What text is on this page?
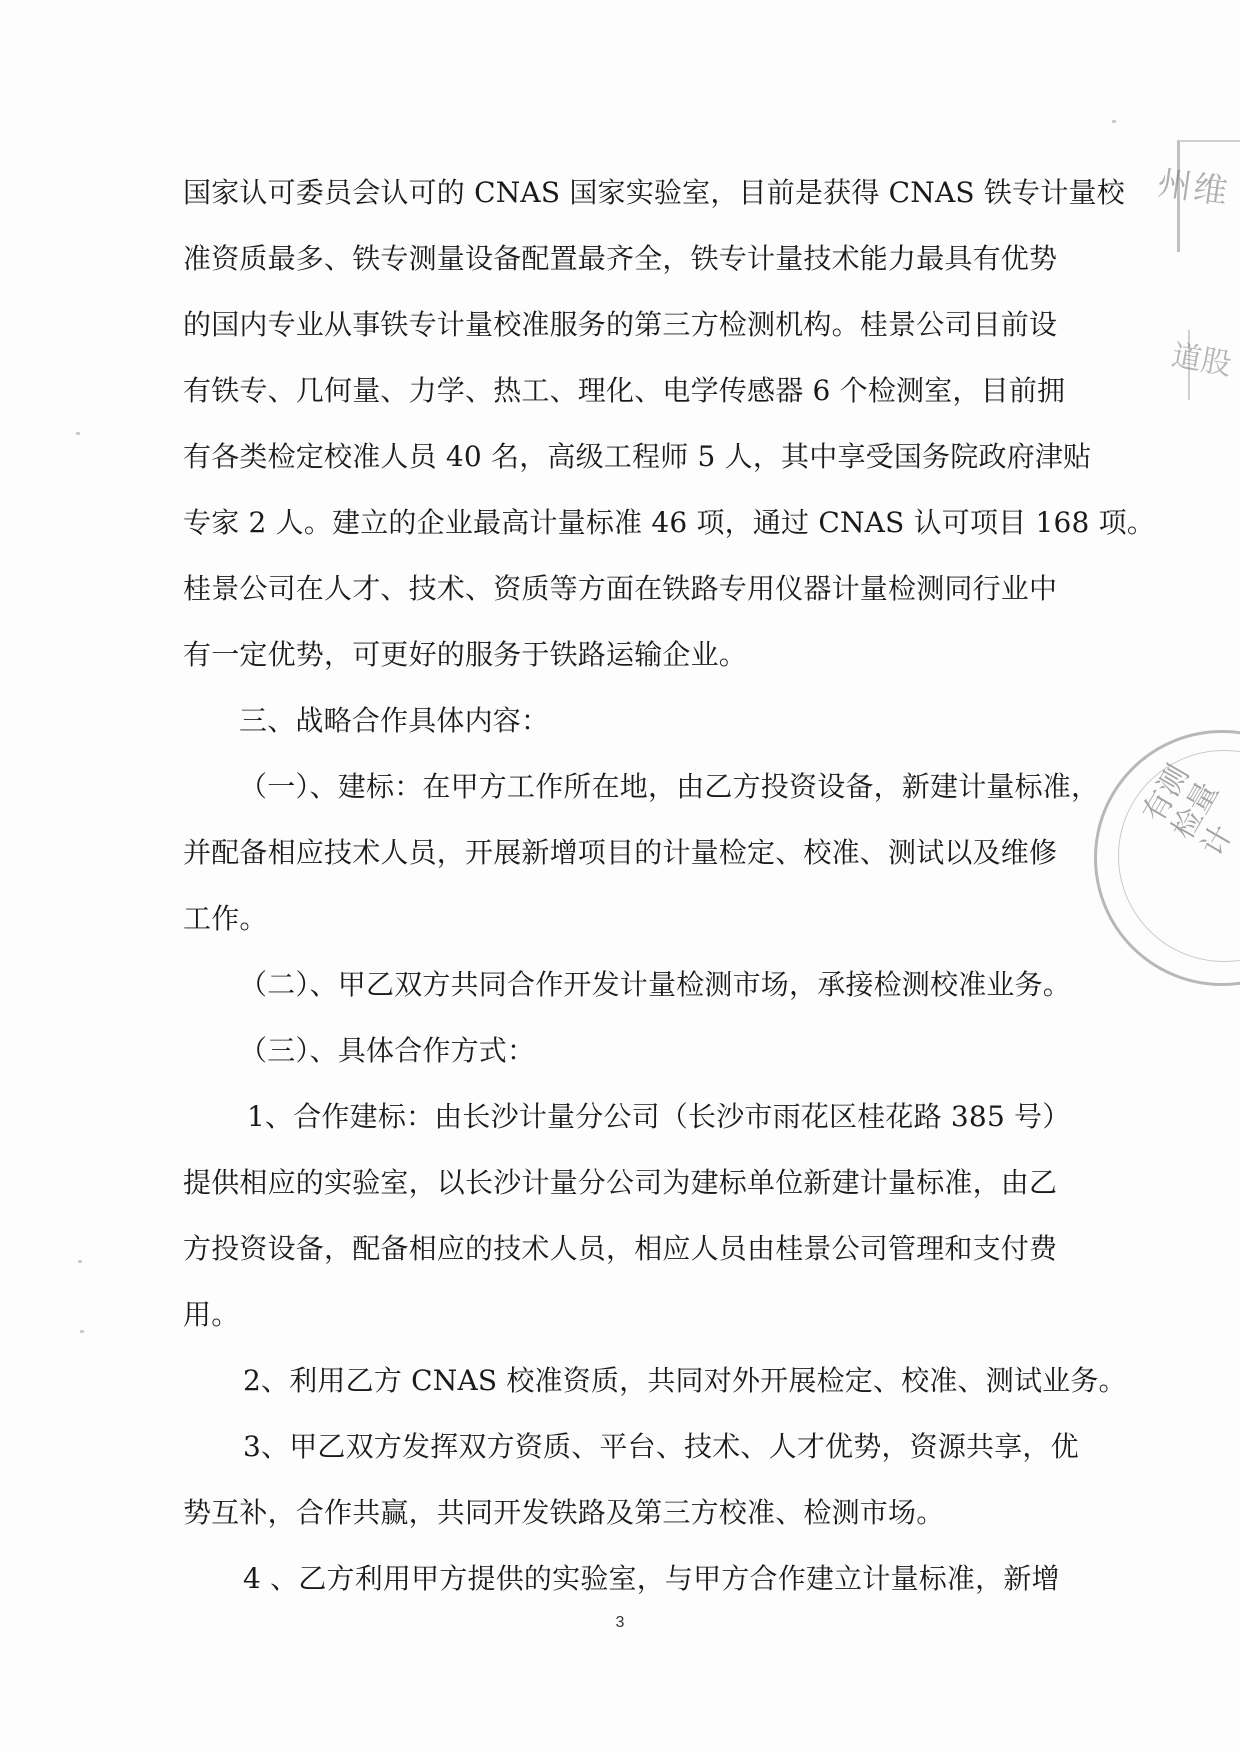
国家认可委员会认可的 CNAS 国家实验室，目前是获得 CNAS 铁专计量校
准资质最多、铁专测量设备配置最齐全，铁专计量技术能力最具有优势
的国内专业从事铁专计量校准服务的第三方检测机构。桂景公司目前设
有铁专、几何量、力学、热工、理化、电学传感器 6 个检测室，目前拥
有各类检定校准人员 40 名，高级工程师 5 人，其中享受国务院政府津贴
专家 2 人。建立的企业最高计量标准 46 项，通过 CNAS 认可项目 168 项。
桂景公司在人才、技术、资质等方面在铁路专用仪器计量检测同行业中
有一定优势，可更好的服务于铁路运输企业。
三、战略合作具体内容：
（一）、建标：在甲方工作所在地，由乙方投资设备，新建计量标准，
并配备相应技术人员，开展新增项目的计量检定、校准、测试以及维修
工作。
（二）、甲乙双方共同合作开发计量检测市场，承接检测校准业务。
（三）、具体合作方式：
1、合作建标：由长沙计量分公司（长沙市雨花区桂花路 385 号）
提供相应的实验室，以长沙计量分公司为建标单位新建计量标准，由乙
方投资设备，配备相应的技术人员，相应人员由桂景公司管理和支付费
用。
2、利用乙方 CNAS 校准资质，共同对外开展检定、校准、测试业务。
3、甲乙双方发挥双方资质、平台、技术、人才优势，资源共享，优
势互补，合作共赢，共同开发铁路及第三方校准、检测市场。
4 、乙方利用甲方提供的实验室，与甲方合作建立计量标准，新增
3
州维
道股
有测检量计
